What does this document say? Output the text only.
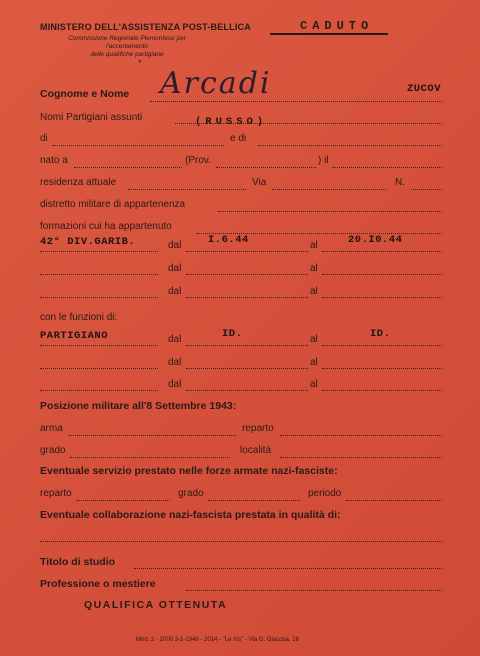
MINISTERO DELL'ASSISTENZA POST-BELLICA
Commissione Regionale Piemontese per l'accertamento
delle qualifiche partigiane
*
CADUTO
Cognome e Nome Arcadi	ZUCOV
Nomi Partigiani assunti	(RUSSO)
di	e di
nato a	(Prov.	) il
residenza attuale	Via	N.
distretto militare di appartenenza
formazioni cui ha appartenuto
42° DIV.GARIB.	dal	I.6.44	al	20.I0.44
dal	al
dal	al
con le funzioni di:
PARTIGIANO	dal	ID.	al	ID.
dal	al
dal	al
Posizione militare all'8 Settembre 1943:
arma	reparto
grado	località
Eventuale servizio prestato nelle forze armate nazi-fasciste:
reparto	grado	periodo
Eventuale collaborazione nazi-fascista prestata in qualità di:
Titolo di studio
Professione o mestiere
QUALIFICA OTTENUTA
Mod. 2 - 2000 3-1-1946 - 2014 - "Le Iris" - Via G. Giacosa, 16
